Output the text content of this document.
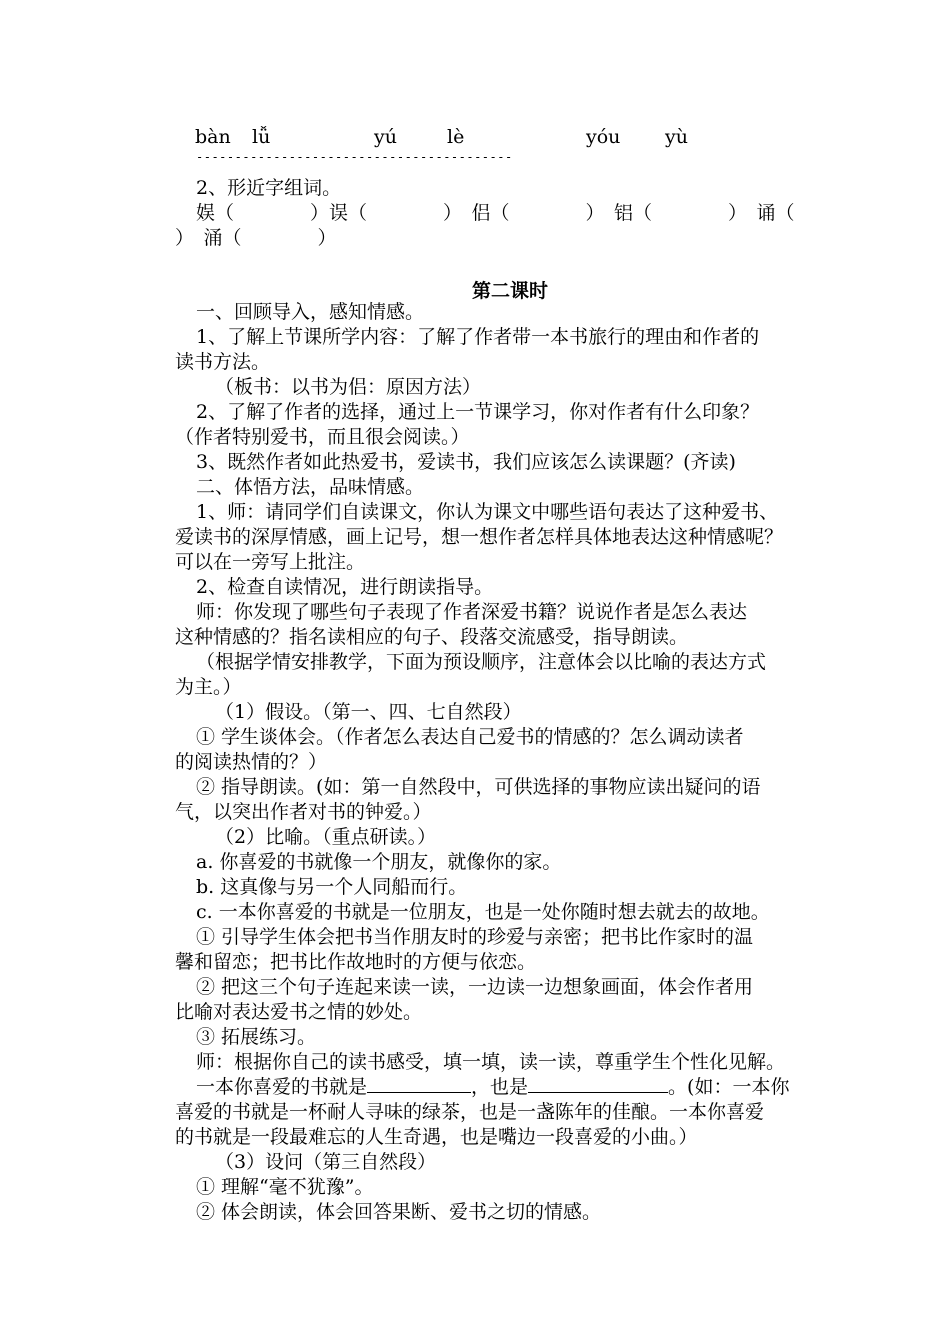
bàn lǚ	yú	lè	yóu yù
-----------------------------------------
2、形近字组词。
娱（　　　　）误（　　　　）　侣（　　　　）　铝（　　　　）　诵（
）　涌（　　　　）
第二课时
一、回顾导入，感知情感。
1、了解上节课所学内容：了解了作者带一本书旅行的理由和作者的
读书方法。
（板书：以书为侣：原因方法）
2、了解了作者的选择，通过上一节课学习，你对作者有什么印象？
（作者特别爱书，而且很会阅读。）
3、既然作者如此热爱书，爱读书，我们应该怎么读课题？(齐读)
二、体悟方法，品味情感。
1、师：请同学们自读课文，你认为课文中哪些语句表达了这种爱书、
爱读书的深厚情感，画上记号，想一想作者怎样具体地表达这种情感呢？
可以在一旁写上批注。
2、检查自读情况，进行朗读指导。
师：你发现了哪些句子表现了作者深爱书籍？说说作者是怎么表达
这种情感的？指名读相应的句子、段落交流感受，指导朗读。
（根据学情安排教学，下面为预设顺序，注意体会以比喻的表达方式
为主。）
（1）假设。（第一、四、七自然段）
① 学生谈体会。（作者怎么表达自己爱书的情感的？怎么调动读者
的阅读热情的？）
② 指导朗读。(如：第一自然段中，可供选择的事物应读出疑问的语
气，以突出作者对书的钟爱。）
（2）比喻。（重点研读。）
a. 你喜爱的书就像一个朋友，就像你的家。
b. 这真像与另一个人同船而行。
c. 一本你喜爱的书就是一位朋友，也是一处你随时想去就去的故地。
① 引导学生体会把书当作朋友时的珍爱与亲密；把书比作家时的温
馨和留恋；把书比作故地时的方便与依恋。
② 把这三个句子连起来读一读，一边读一边想象画面，体会作者用
比喻对表达爱书之情的妙处。
③ 拓展练习。
师：根据你自己的读书感受，填一填，读一读，尊重学生个性化见解。
一本你喜爱的书就是	，也是	。(如：一本你
喜爱的书就是一杯耐人寻味的绿茶，也是一盏陈年的佳酿。一本你喜爱
的书就是一段最难忘的人生奇遇，也是嘴边一段喜爱的小曲。）
（3）设问（第三自然段）
① 理解“毫不犹豫”。
② 体会朗读，体会回答果断、爱书之切的情感。
